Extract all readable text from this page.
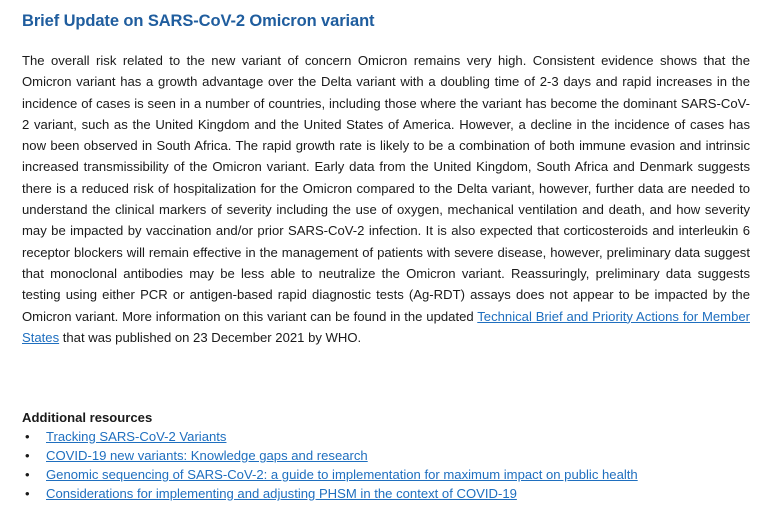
Brief Update on SARS-CoV-2 Omicron variant

The overall risk related to the new variant of concern Omicron remains very high. Consistent evidence shows that the Omicron variant has a growth advantage over the Delta variant with a doubling time of 2-3 days and rapid increases in the incidence of cases is seen in a number of countries, including those where the variant has become the dominant SARS-CoV-2 variant, such as the United Kingdom and the United States of America. However, a decline in the incidence of cases has now been observed in South Africa. The rapid growth rate is likely to be a combination of both immune evasion and intrinsic increased transmissibility of the Omicron variant. Early data from the United Kingdom, South Africa and Denmark suggests there is a reduced risk of hospitalization for the Omicron compared to the Delta variant, however, further data are needed to understand the clinical markers of severity including the use of oxygen, mechanical ventilation and death, and how severity may be impacted by vaccination and/or prior SARS-CoV-2 infection. It is also expected that corticosteroids and interleukin 6 receptor blockers will remain effective in the management of patients with severe disease, however, preliminary data suggest that monoclonal antibodies may be less able to neutralize the Omicron variant. Reassuringly, preliminary data suggests testing using either PCR or antigen-based rapid diagnostic tests (Ag-RDT) assays does not appear to be impacted by the Omicron variant. More information on this variant can be found in the updated Technical Brief and Priority Actions for Member States that was published on 23 December 2021 by WHO.

Additional resources
• Tracking SARS-CoV-2 Variants
• COVID-19 new variants: Knowledge gaps and research
• Genomic sequencing of SARS-CoV-2: a guide to implementation for maximum impact on public health
• Considerations for implementing and adjusting PHSM in the context of COVID-19
